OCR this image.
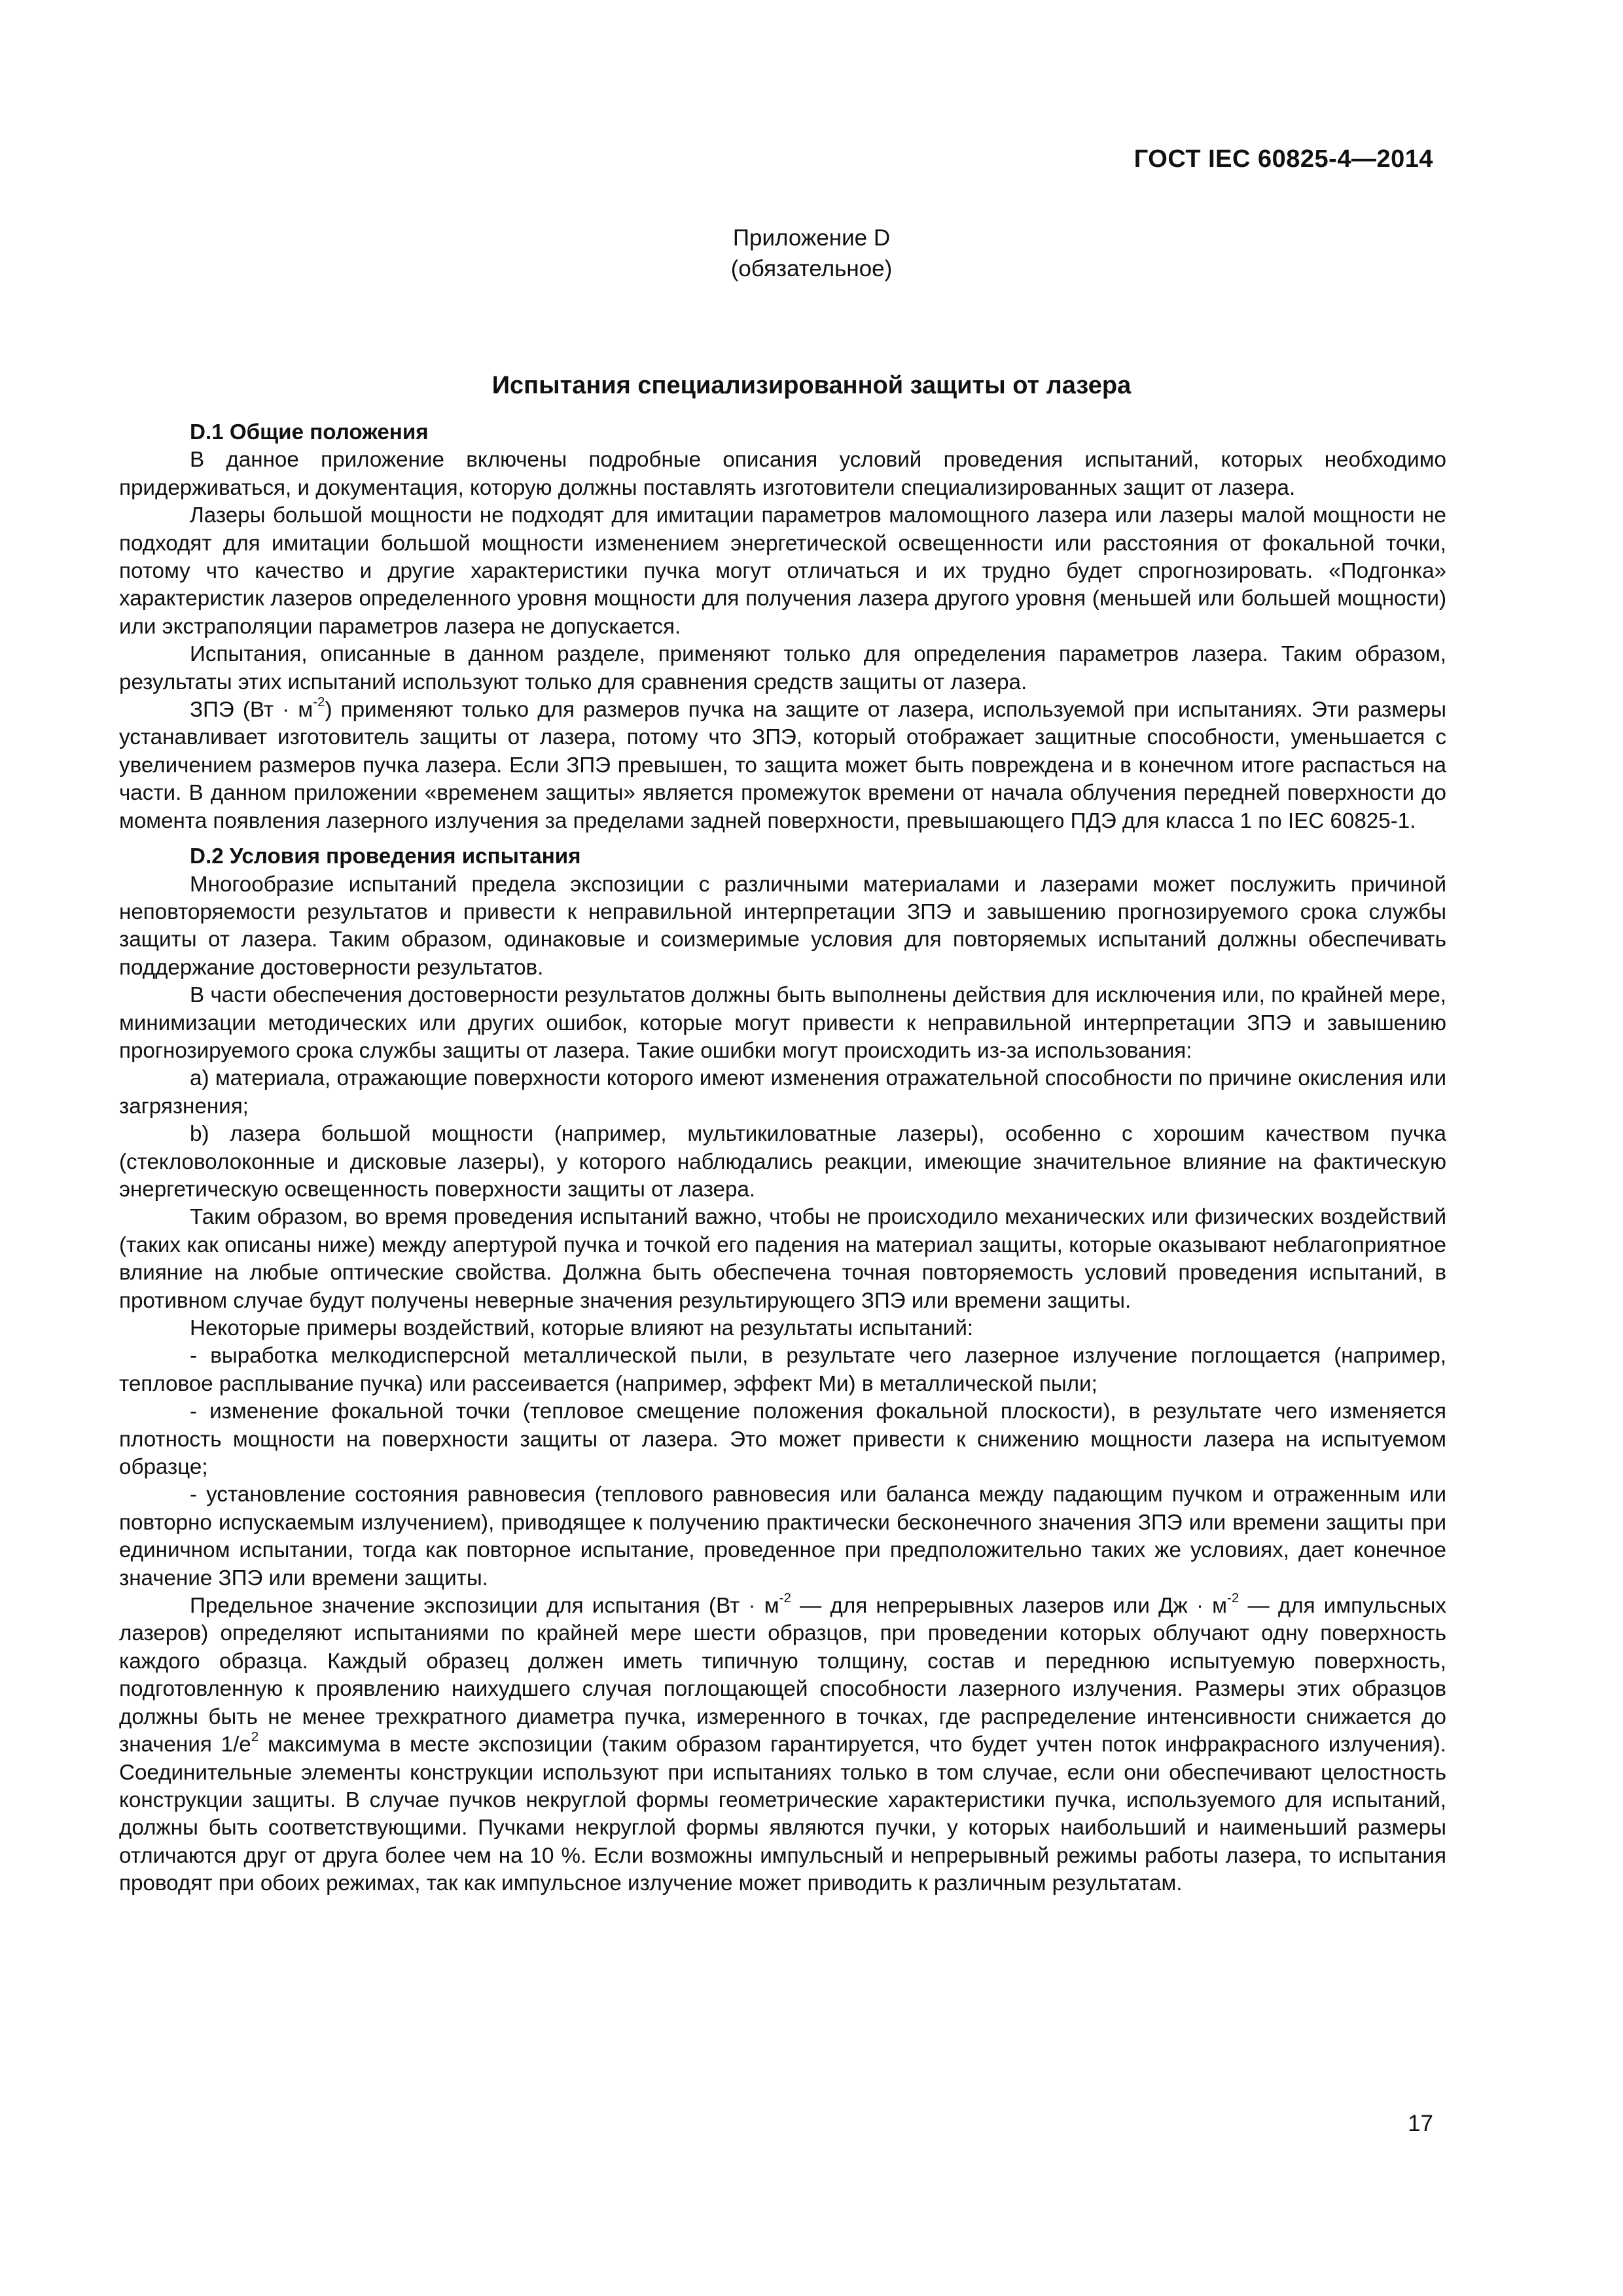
ГОСТ IEC 60825-4—2014
Приложение D
(обязательное)
Испытания специализированной защиты от лазера
D.1 Общие положения

В данное приложение включены подробные описания условий проведения испытаний, которых необходимо придерживаться, и документация, которую должны поставлять изготовители специализированных защит от лазера.

Лазеры большой мощности не подходят для имитации параметров маломощного лазера или лазеры малой мощности не подходят для имитации большой мощности изменением энергетической освещенности или расстояния от фокальной точки, потому что качество и другие характеристики пучка могут отличаться и их трудно будет спрогнозировать. «Подгонка» характеристик лазеров определенного уровня мощности для получения лазера другого уровня (меньшей или большей мощности) или экстраполяции параметров лазера не допускается.

Испытания, описанные в данном разделе, применяют только для определения параметров лазера. Таким образом, результаты этих испытаний используют только для сравнения средств защиты от лазера.

ЗПЭ $(Вт \cdot м^{-2})$ применяют только для размеров пучка на защите от лазера, используемой при испытаниях. Эти размеры устанавливает изготовитель защиты от лазера, потому что ЗПЭ, который отображает защитные способности, уменьшается с увеличением размеров пучка лазера. Если ЗПЭ превышен, то защита может быть повреждена и в конечном итоге распасться на части. В данном приложении «временем защиты» является промежуток времени от начала облучения передней поверхности до момента появления лазерного излучения за пределами задней поверхности, превышающего ПДЭ для класса 1 по IEC 60825-1.

D.2 Условия проведения испытания

Многообразие испытаний предела экспозиции с различными материалами и лазерами может послужить причиной неповторяемости результатов и привести к неправильной интерпретации ЗПЭ и завышению прогнозируемого срока службы защиты от лазера. Таким образом, одинаковые и соизмеримые условия для повторяемых испытаний должны обеспечивать поддержание достоверности результатов.

В части обеспечения достоверности результатов должны быть выполнены действия для исключения или, по крайней мере, минимизации методических или других ошибок, которые могут привести к неправильной интерпретации ЗПЭ и завышению прогнозируемого срока службы защиты от лазера. Такие ошибки могут происходить из-за использования:

a) материала, отражающие поверхности которого имеют изменения отражательной способности по причине окисления или загрязнения;

b) лазера большой мощности (например, мультикиловатные лазеры), особенно с хорошим качеством пучка (стекловолоконные и дисковые лазеры), у которого наблюдались реакции, имеющие значительное влияние на фактическую энергетическую освещенность поверхности защиты от лазера.

Таким образом, во время проведения испытаний важно, чтобы не происходило механических или физических воздействий (таких как описаны ниже) между апертурой пучка и точкой его падения на материал защиты, которые оказывают неблагоприятное влияние на любые оптические свойства. Должна быть обеспечена точная повторяемость условий проведения испытаний, в противном случае будут получены неверные значения результирующего ЗПЭ или времени защиты.

Некоторые примеры воздействий, которые влияют на результаты испытаний:

- выработка мелкодисперсной металлической пыли, в результате чего лазерное излучение поглощается (например, тепловое расплывание пучка) или рассеивается (например, эффект Ми) в металлической пыли;

- изменение фокальной точки (тепловое смещение положения фокальной плоскости), в результате чего изменяется плотность мощности на поверхности защиты от лазера. Это может привести к снижению мощности лазера на испытуемом образце;

- установление состояния равновесия (теплового равновесия или баланса между падающим пучком и отраженным или повторно испускаемым излучением), приводящее к получению практически бесконечного значения ЗПЭ или времени защиты при единичном испытании, тогда как повторное испытание, проведенное при предположительно таких же условиях, дает конечное значение ЗПЭ или времени защиты.

Предельное значение экспозиции для испытания ($Вт \cdot м^{-2}$ — для непрерывных лазеров или Дж · $м^{-2}$ — для импульсных лазеров) определяют испытаниями по крайней мере шести образцов, при проведении которых облучают одну поверхность каждого образца. Каждый образец должен иметь типичную толщину, состав и переднюю испытуемую поверхность, подготовленную к проявлению наихудшего случая поглощающей способности лазерного излучения. Размеры этих образцов должны быть не менее трехкратного диаметра пучка, измеренного в точках, где распределение интенсивности снижается до значения $1/e^2$ максимума в месте экспозиции (таким образом гарантируется, что будет учтен поток инфракрасного излучения). Соединительные элементы конструкции используют при испытаниях только в том случае, если они обеспечивают целостность конструкции защиты. В случае пучков некруглой формы геометрические характеристики пучка, используемого для испытаний, должны быть соответствующими. Пучками некруглой формы являются пучки, у которых наибольший и наименьший размеры отличаются друг от друга более чем на 10 %. Если возможны импульсный и непрерывный режимы работы лазера, то испытания проводят при обоих режимах, так как импульсное излучение может приводить к различным результатам.

17
